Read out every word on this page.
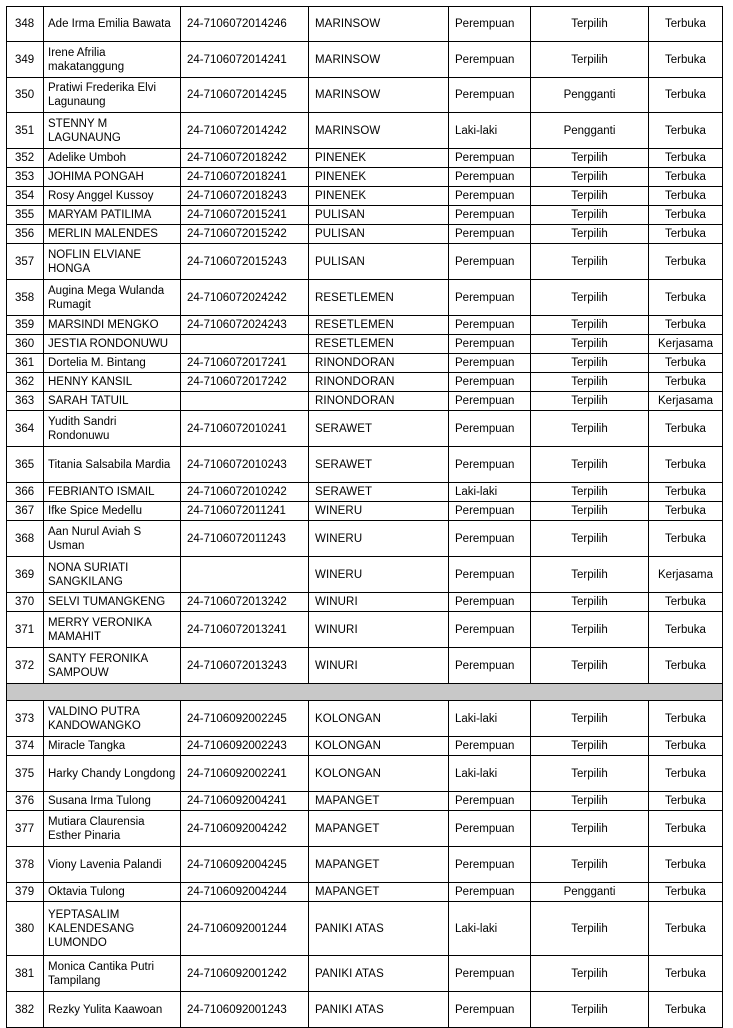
348	Ade Irma Emilia Bawata	24-7106072014246	MARINSOW	Perempuan	Terpilih	Terbuka
349	Irene Afrilia makatanggung	24-7106072014241	MARINSOW	Perempuan	Terpilih	Terbuka
350	Pratiwi Frederika Elvi Lagunaung	24-7106072014245	MARINSOW	Perempuan	Pengganti	Terbuka
351	STENNY M LAGUNAUNG	24-7106072014242	MARINSOW	Laki-laki	Pengganti	Terbuka
352	Adelike Umboh	24-7106072018242	PINENEK	Perempuan	Terpilih	Terbuka
353	JOHIMA PONGAH	24-7106072018241	PINENEK	Perempuan	Terpilih	Terbuka
354	Rosy Anggel Kussoy	24-7106072018243	PINENEK	Perempuan	Terpilih	Terbuka
355	MARYAM PATILIMA	24-7106072015241	PULISAN	Perempuan	Terpilih	Terbuka
356	MERLIN MALENDES	24-7106072015242	PULISAN	Perempuan	Terpilih	Terbuka
357	NOFLIN ELVIANE HONGA	24-7106072015243	PULISAN	Perempuan	Terpilih	Terbuka
358	Augina Mega Wulanda Rumagit	24-7106072024242	RESETLEMEN	Perempuan	Terpilih	Terbuka
359	MARSINDI MENGKO	24-7106072024243	RESETLEMEN	Perempuan	Terpilih	Terbuka
360	JESTIA RONDONUWU		RESETLEMEN	Perempuan	Terpilih	Kerjasama
361	Dortelia M. Bintang	24-7106072017241	RINONDORAN	Perempuan	Terpilih	Terbuka
362	HENNY KANSIL	24-7106072017242	RINONDORAN	Perempuan	Terpilih	Terbuka
363	SARAH TATUIL		RINONDORAN	Perempuan	Terpilih	Kerjasama
364	Yudith Sandri Rondonuwu	24-7106072010241	SERAWET	Perempuan	Terpilih	Terbuka
365	Titania Salsabila Mardia	24-7106072010243	SERAWET	Perempuan	Terpilih	Terbuka
366	FEBRIANTO ISMAIL	24-7106072010242	SERAWET	Laki-laki	Terpilih	Terbuka
367	Ifke Spice Medellu	24-7106072011241	WINERU	Perempuan	Terpilih	Terbuka
368	Aan Nurul Aviah S Usman	24-7106072011243	WINERU	Perempuan	Terpilih	Terbuka
369	NONA SURIATI SANGKILANG		WINERU	Perempuan	Terpilih	Kerjasama
370	SELVI TUMANGKENG	24-7106072013242	WINURI	Perempuan	Terpilih	Terbuka
371	MERRY VERONIKA MAMAHIT	24-7106072013241	WINURI	Perempuan	Terpilih	Terbuka
372	SANTY FERONIKA SAMPOUW	24-7106072013243	WINURI	Perempuan	Terpilih	Terbuka

373	VALDINO PUTRA KANDOWANGKO	24-7106092002245	KOLONGAN	Laki-laki	Terpilih	Terbuka
374	Miracle Tangka	24-7106092002243	KOLONGAN	Perempuan	Terpilih	Terbuka
375	Harky Chandy Longdong	24-7106092002241	KOLONGAN	Laki-laki	Terpilih	Terbuka
376	Susana Irma Tulong	24-7106092004241	MAPANGET	Perempuan	Terpilih	Terbuka
377	Mutiara Claurensia Esther Pinaria	24-7106092004242	MAPANGET	Perempuan	Terpilih	Terbuka
378	Viony Lavenia Palandi	24-7106092004245	MAPANGET	Perempuan	Terpilih	Terbuka
379	Oktavia Tulong	24-7106092004244	MAPANGET	Perempuan	Pengganti	Terbuka
380	YEPTASALIM KALENDESANG LUMONDO	24-7106092001244	PANIKI ATAS	Laki-laki	Terpilih	Terbuka
381	Monica Cantika Putri Tampilang	24-7106092001242	PANIKI ATAS	Perempuan	Terpilih	Terbuka
382	Rezky Yulita Kaawoan	24-7106092001243	PANIKI ATAS	Perempuan	Terpilih	Terbuka
